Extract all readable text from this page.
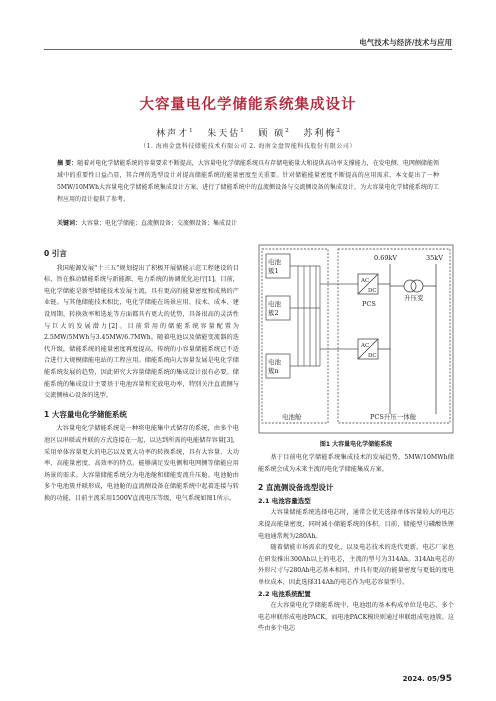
电气技术与经济/技术与应用
大容量电化学储能系统集成设计
林声才$^1$ 朱天估$^1$ 顾 硕$^2$ 苏利梅$^2$
（1. 海南金盘科技储能技术有限公司 2. 海南金盘智能科技股份有限公司）
摘 要：随着对电化学储能系统的容量要求不断提高，大容量电化学储能系统具有存储电能量大和提供高功率支撑能力，在发电侧、电网侧储能领域中的重要性日益凸显，其合理的选型设计对提高储能系统的能量密度至关重要。针对储能能量密度不断提高的应用需求，本文提出了一种5MW/10MWh大容量电化学储能系统集成设计方案，进行了储能系统中的直流侧设备与交流侧设备的集成设计，为大容量电化学储能系统的工程应用的设计提供了参考。
关键词：大容量；电化学储能；直流侧设备；交流侧设备；集成设计
0 引言

我国能源发展“十三五”规划提出了积极开展储能示范工程建设的目标，旨在推动储能系统与新能源、电力系统的协调优化运行[1]。目前，电化学储能是新型储能技术发展主流，具有更高的能量密度和成熟的产业链。与其他储能技术相比，电化学储能在场景应用、技术、成本、建设周期、转换效率和选址等方面都具有更大的优势，具备很高的灵活性与巨大的发展潜力[2]。目前常用的储能系统容量配置为2.5MW/5MWh与3.45MW/6.7MWh。随着电池以及储能变流器的迭代升级，储能系统的能量密度再度提高，传统的小容量储能系统已不适合进行大规模储能电站的工程应用。储能系统向大容量发展是电化学储能系统发展的趋势，因此研究大容量储能系统的集成设计很有必要。储能系统的集成设计主要基于电池容量和充放电功率，特别关注直流侧与交流侧核心设备的选型。

1 大容量电化学储能系统

大容量电化学储能系统是一种将电能集中式储存的系统，由多个电池区以串联或并联的方式连接在一起，以达到所需的电能储存容量[3]，采用单体容量更大的电芯以及更大功率的转换系统，具有大容量、大功率、高能量密度、高效率的特点。能够满足发电侧和电网侧等储能应用场景的需求。大容量储能系统分为电池舱和储能变流升压舱。电池舱由多个电池簇并联形成，电池舱的直流侧设备在储能系统中起着连接与转换的功能，目前主流采用1500V直流电压等级，电气系统如图1所示。

电池
簇1
电池
簇2
电池
簇n
电池舱
0.69kV	35kV
AC
DC
PCS
AC
DC
升压变
PCS升压一体舱
图1 大容量电化学储能系统

基于目前电化学储能系统集成技术的发展趋势，5MW/10MWh储能系统会成为未来主流的电化学储能集成方案。

2 直流侧设备选型设计
2.1 电池容量选型

大容量储能系统选择电芯时，通常会优先选择单体容量较大的电芯来提高能量密度，同时减小储能系统的体积。目前，储能型号磷酸铁锂电池通常规为280Ah。

随着储能市场需求的变化，以及电芯技术的迭代更新，电芯厂家也在研发推出300Ah以上的电芯，主流的型号为314Ah。314Ah电芯的外形尺寸与280Ah电芯基本相同，并具有更高的能量密度与更低的度电单位成本，因此选择314Ah的电芯作为电芯容量型号。

2.2 电池系统配置

在大容量电化学储能系统中，电池组的基本构成单位是电芯，多个电芯串联形成电池PACK，而电池PACK模块则通过串联组成电池簇。这些由多个电芯

2024. 05/95
